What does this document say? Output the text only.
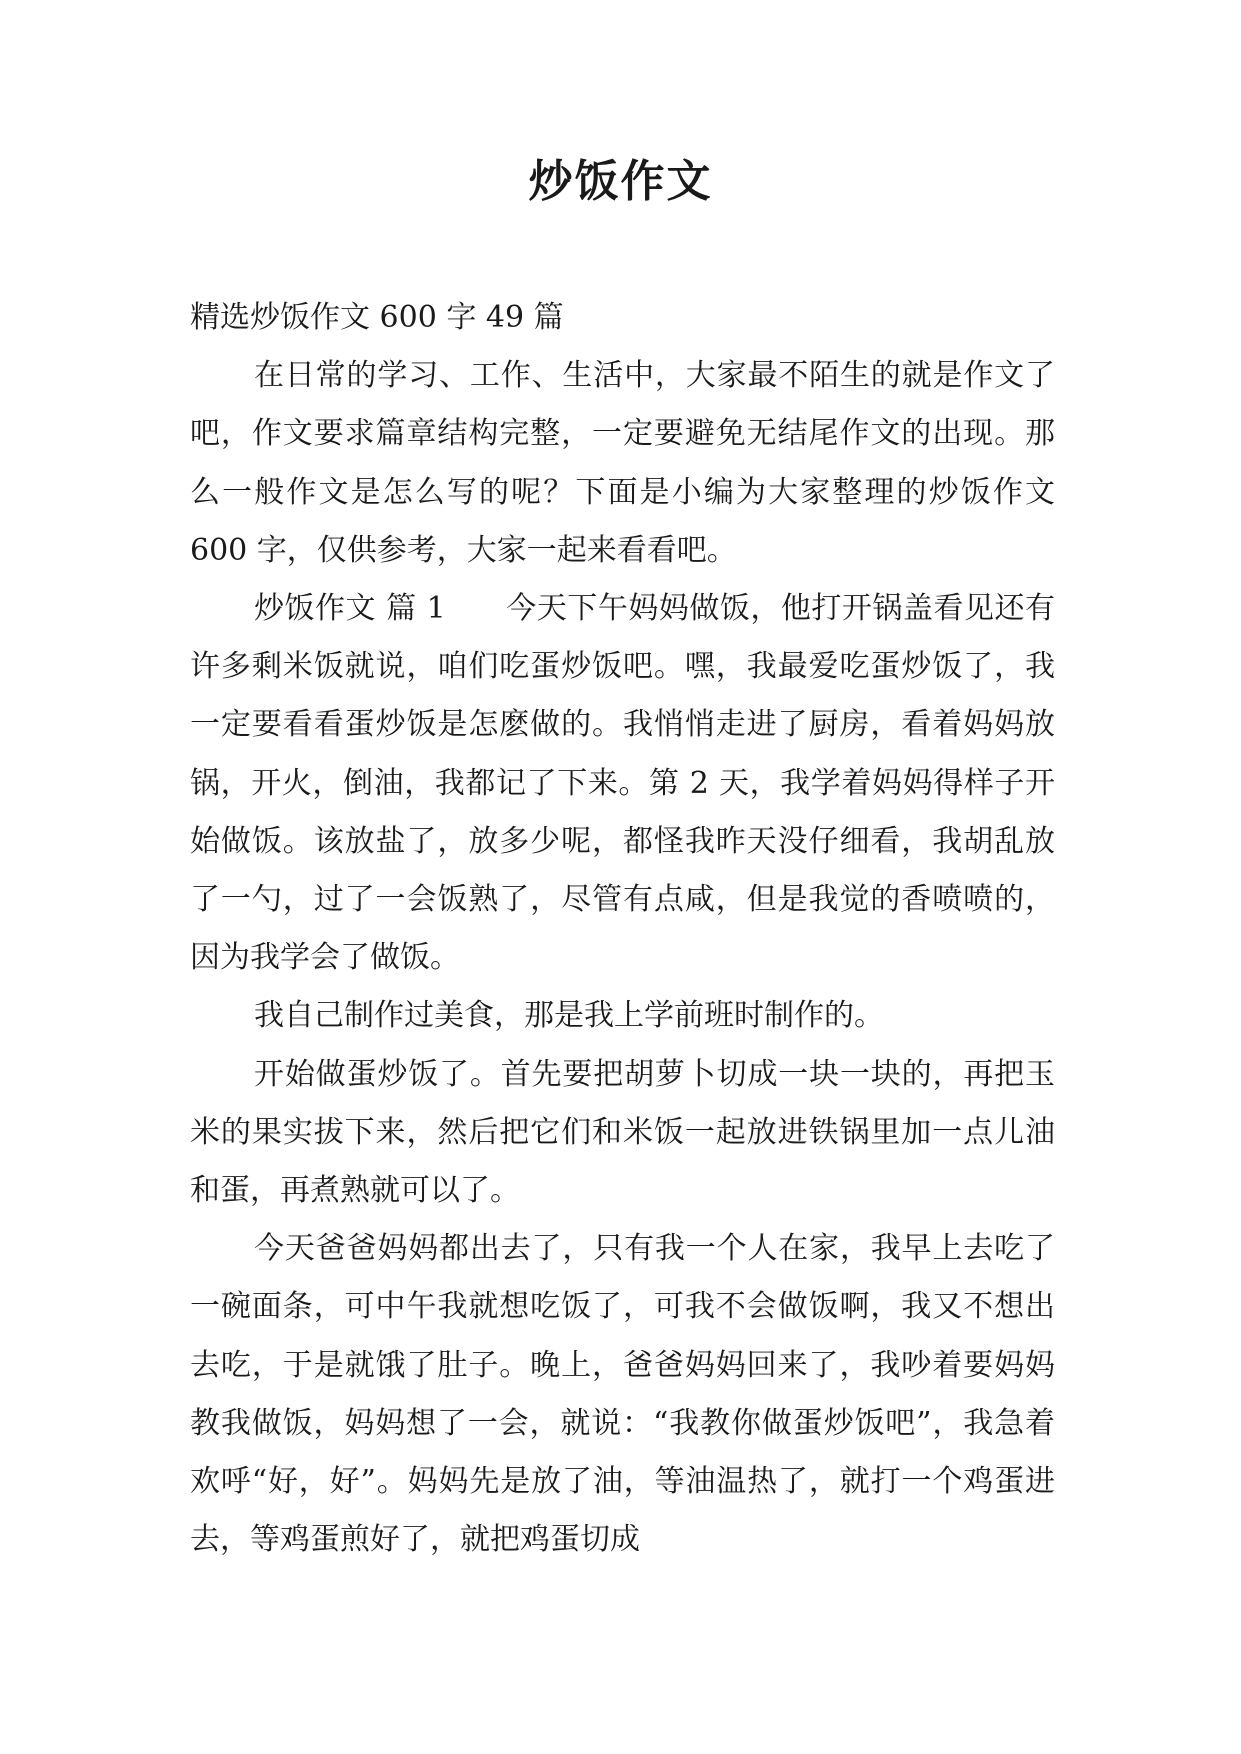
炒饭作文

精选炒饭作文 600 字 49 篇

在日常的学习、工作、生活中，大家最不陌生的就是作文了吧，作文要求篇章结构完整，一定要避免无结尾作文的出现。那么一般作文是怎么写的呢？下面是小编为大家整理的炒饭作文 600 字，仅供参考，大家一起来看看吧。

炒饭作文 篇 1 今天下午妈妈做饭，他打开锅盖看见还有许多剩米饭就说，咱们吃蛋炒饭吧。嘿，我最爱吃蛋炒饭了，我一定要看看蛋炒饭是怎麽做的。我悄悄走进了厨房，看着妈妈放锅，开火，倒油，我都记了下来。第 2 天，我学着妈妈得样子开始做饭。该放盐了，放多少呢，都怪我昨天没仔细看，我胡乱放了一勺，过了一会饭熟了，尽管有点咸，但是我觉的香喷喷的，因为我学会了做饭。

我自己制作过美食，那是我上学前班时制作的。

开始做蛋炒饭了。首先要把胡萝卜切成一块一块的，再把玉米的果实拔下来，然后把它们和米饭一起放进铁锅里加一点儿油和蛋，再煮熟就可以了。

今天爸爸妈妈都出去了，只有我一个人在家，我早上去吃了一碗面条，可中午我就想吃饭了，可我不会做饭啊，我又不想出去吃，于是就饿了肚子。晚上，爸爸妈妈回来了，我吵着要妈妈教我做饭，妈妈想了一会，就说：“我教你做蛋炒饭吧”，我急着欢呼“好，好”。妈妈先是放了油，等油温热了，就打一个鸡蛋进去，等鸡蛋煎好了，就把鸡蛋切成
